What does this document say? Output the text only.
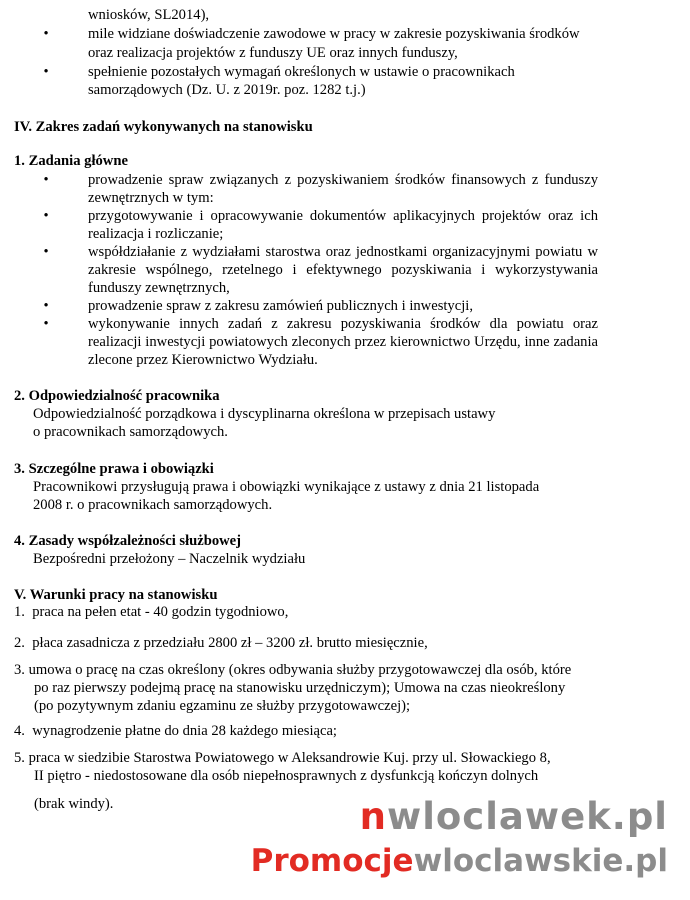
wniosków, SL2014),
•	mile widziane doświadczenie zawodowe w pracy w zakresie pozyskiwania środków
oraz realizacja projektów z funduszy UE oraz innych funduszy,
•	spełnienie pozostałych wymagań określonych w ustawie o pracownikach
samorządowych (Dz. U. z 2019r. poz. 1282 t.j.)
IV. Zakres zadań wykonywanych na stanowisku
1. Zadania główne
•	prowadzenie spraw związanych z pozyskiwaniem środków finansowych z funduszy zewnętrznych w tym:
•	przygotowywanie i opracowywanie dokumentów aplikacyjnych projektów oraz ich realizacja i rozliczanie;
•	współdziałanie z wydziałami starostwa oraz jednostkami organizacyjnymi powiatu w zakresie wspólnego, rzetelnego i efektywnego pozyskiwania i wykorzystywania funduszy zewnętrznych,
•	prowadzenie spraw z zakresu zamówień publicznych i inwestycji,
•	wykonywanie innych zadań z zakresu pozyskiwania środków dla powiatu oraz realizacji inwestycji powiatowych zleconych przez kierownictwo Urzędu, inne zadania zlecone przez Kierownictwo Wydziału.
2. Odpowiedzialność pracownika
Odpowiedzialność porządkowa i dyscyplinarna określona w przepisach ustawy
o pracownikach samorządowych.
3. Szczególne prawa i obowiązki
Pracownikowi przysługują prawa i obowiązki wynikające z ustawy z dnia 21 listopada
2008 r. o pracownikach samorządowych.
4. Zasady współzależności służbowej
Bezpośredni przełożony – Naczelnik wydziału
V. Warunki pracy na stanowisku
1. praca na pełen etat - 40 godzin tygodniowo,
2. płaca zasadnicza z przedziału 2800 zł – 3200 zł. brutto miesięcznie,
3. umowa o pracę na czas określony (okres odbywania służby przygotowawczej dla osób, które
po raz pierwszy podejmą pracę na stanowisku urzędniczym); Umowa na czas nieokreślony
(po pozytywnym zdaniu egzaminu ze służby przygotowawczej);
4. wynagrodzenie płatne do dnia 28 każdego miesiąca;
5. praca w siedzibie Starostwa Powiatowego w Aleksandrowie Kuj. przy ul. Słowackiego 8,
II piętro - niedostosowane dla osób niepełnosprawnych z dysfunkcją kończyn dolnych
(brak windy).	nwloclawek.pl
Promocjewloclawskie.pl
